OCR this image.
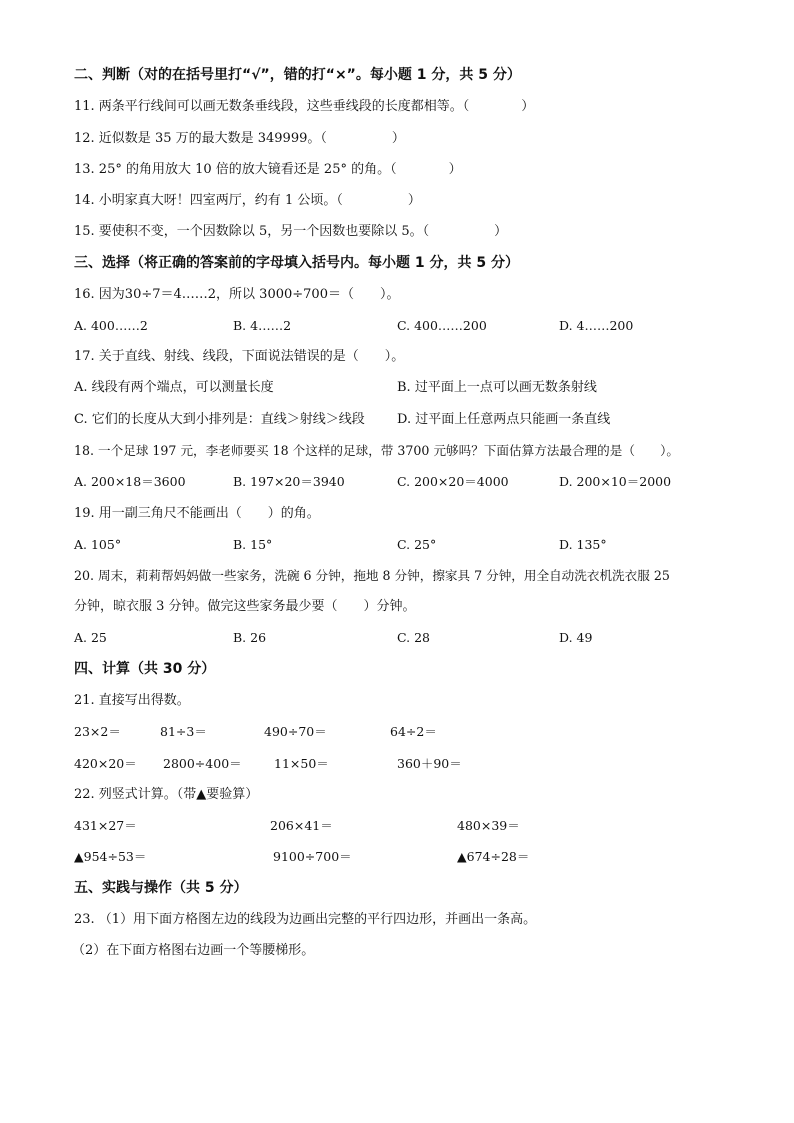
二、判断（对的在括号里打“√”，错的打“×”。每小题 1 分，共 5 分）
11. 两条平行线间可以画无数条垂线段，这些垂线段的长度都相等。（　　　　）
12. 近似数是 35 万的最大数是 349999。（　　　　　）
13. 25° 的角用放大 10 倍的放大镜看还是 25° 的角。（　　　　）
14. 小明家真大呀！四室两厅，约有 1 公顷。（　　　　　）
15. 要使积不变，一个因数除以 5，另一个因数也要除以 5。（　　　　　）
三、选择（将正确的答案前的字母填入括号内。每小题 1 分，共 5 分）
16. 因为30÷7＝4……2，所以 3000÷700＝（　　）。
A. 400……2	B. 4……2	C. 400……200	D. 4……200
17. 关于直线、射线、线段，下面说法错误的是（　　）。
A. 线段有两个端点，可以测量长度	B. 过平面上一点可以画无数条射线
C. 它们的长度从大到小排列是：直线＞射线＞线段 D. 过平面上任意两点只能画一条直线
18. 一个足球 197 元，李老师要买 18 个这样的足球，带 3700 元够吗？下面估算方法最合理的是（　　）。
A. 200×18＝3600	B. 197×20＝3940	C. 200×20＝4000	D. 200×10＝2000
19. 用一副三角尺不能画出（　　）的角。
A. 105°	B. 15°	C. 25°	D. 135°
20. 周末，莉莉帮妈妈做一些家务，洗碗 6 分钟，拖地 8 分钟，擦家具 7 分钟，用全自动洗衣机洗衣服 25
分钟，晾衣服 3 分钟。做完这些家务最少要（　　）分钟。
A. 25	B. 26	C. 28	D. 49
四、计算（共 30 分）
21. 直接写出得数。
23×2＝	81÷3＝	490÷70＝	64÷2＝
420×20＝ 2800÷400＝	11×50＝	360＋90＝
22. 列竖式计算。（带▲要验算）
431×27＝	206×41＝	480×39＝
▲954÷53＝	9100÷700＝	▲674÷28＝
五、实践与操作（共 5 分）
23. （1）用下面方格图左边的线段为边画出完整的平行四边形，并画出一条高。
（2）在下面方格图右边画一个等腰梯形。
